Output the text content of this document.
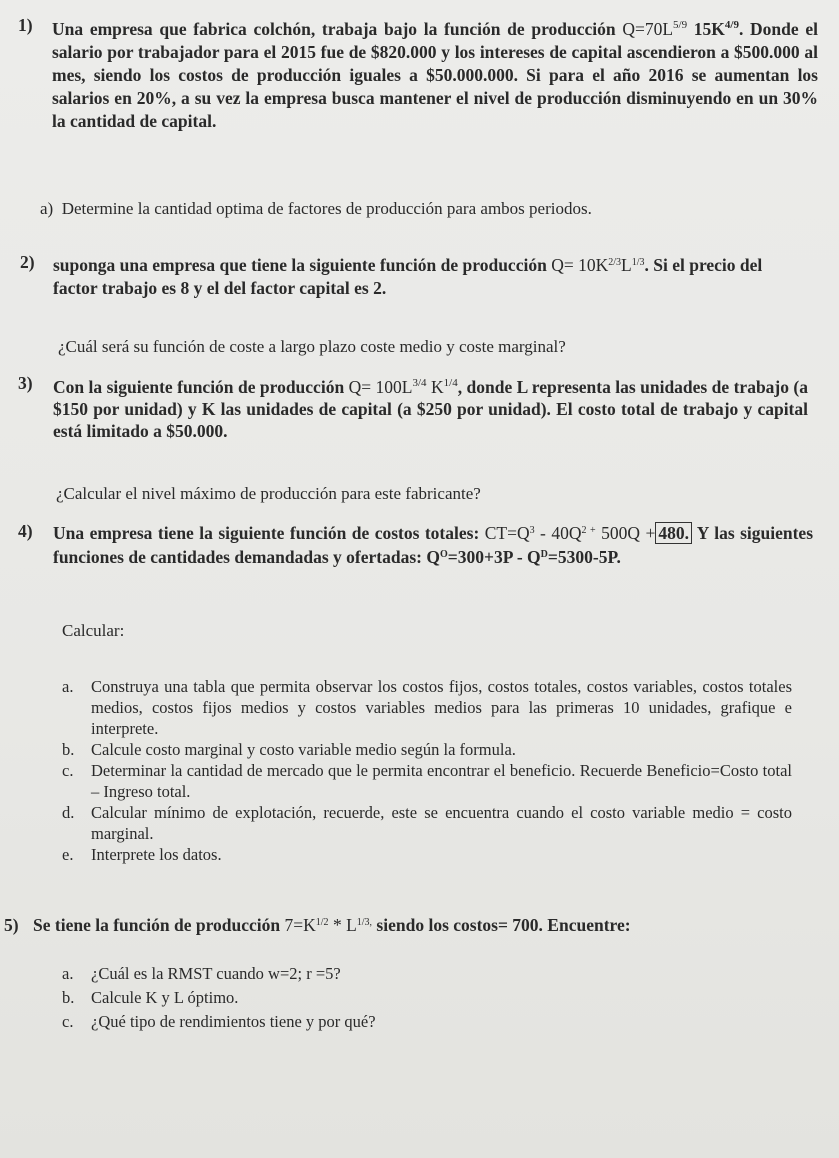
1) Una empresa que fabrica colchón, trabaja bajo la función de producción $Q=70L^{5/9}$ $15K^{4/9}$. Donde el salario por trabajador para el 2015 fue de $820.000 y los intereses de capital ascendieron a $500.000 al mes, siendo los costos de producción iguales a $50.000.000. Si para el año 2016 se aumentan los salarios en 20%, a su vez la empresa busca mantener el nivel de producción disminuyendo en un 30% la cantidad de capital.
a) Determine la cantidad optima de factores de producción para ambos periodos.
2) suponga una empresa que tiene la siguiente función de producción $Q= 10K^{2/3}L^{1/3}$. Si el precio del factor trabajo es 8 y el del factor capital es 2.
¿Cuál será su función de coste a largo plazo coste medio y coste marginal?
3) Con la siguiente función de producción $Q= 100L^{3/4}$ $K^{1/4}$, donde L representa las unidades de trabajo (a $150 por unidad) y K las unidades de capital (a $250 por unidad). El costo total de trabajo y capital está limitado a $50.000.
¿Calcular el nivel máximo de producción para este fabricante?
4) Una empresa tiene la siguiente función de costos totales: $CT=Q^3 - 40Q^{2 +}$ 500Q + 480. Y las siguientes funciones de cantidades demandadas y ofertadas: $Q^O=300+3P - Q^D=5300-5P$.
Calcular:
a. Construya una tabla que permita observar los costos fijos, costos totales, costos variables, costos totales medios, costos fijos medios y costos variables medios para las primeras 10 unidades, grafique e interprete.
b. Calcule costo marginal y costo variable medio según la formula.
c. Determinar la cantidad de mercado que le permita encontrar el beneficio. Recuerde Beneficio=Costo total – Ingreso total.
d. Calcular mínimo de explotación, recuerde, este se encuentra cuando el costo variable medio = costo marginal.
e. Interprete los datos.
5) Se tiene la función de producción $7=K^{1/2} * L^{1/3,}$ siendo los costos= 700. Encuentre:
a. ¿Cuál es la RMST cuando w=2; r =5?
b. Calcule K y L óptimo.
c. ¿Qué tipo de rendimientos tiene y por qué?
